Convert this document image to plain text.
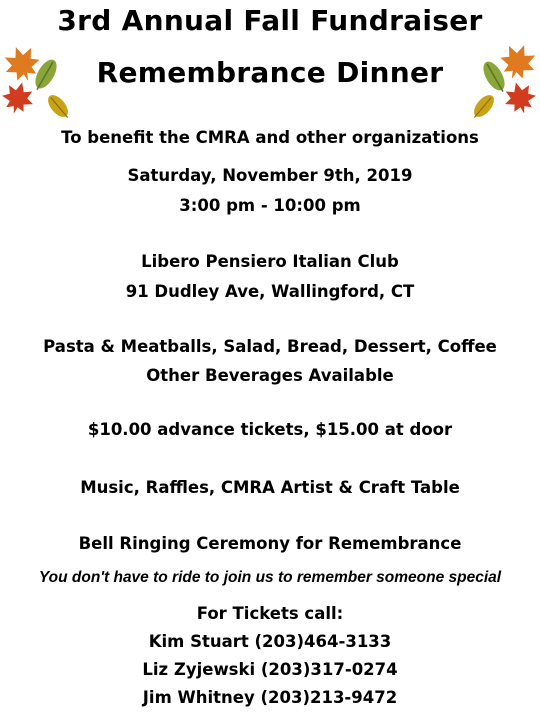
3rd Annual Fall Fundraiser
Remembrance Dinner
To benefit the CMRA and other organizations
Saturday, November 9th, 2019
3:00 pm - 10:00 pm
Libero Pensiero Italian Club
91 Dudley Ave, Wallingford, CT
Pasta & Meatballs, Salad, Bread, Dessert, Coffee
Other Beverages Available
$10.00 advance tickets, $15.00 at door
Music, Raffles, CMRA Artist & Craft Table
Bell Ringing Ceremony for Remembrance
You don't have to ride to join us to remember someone special
For Tickets call:
Kim Stuart (203)464-3133
Liz Zyjewski (203)317-0274
Jim Whitney (203)213-9472
